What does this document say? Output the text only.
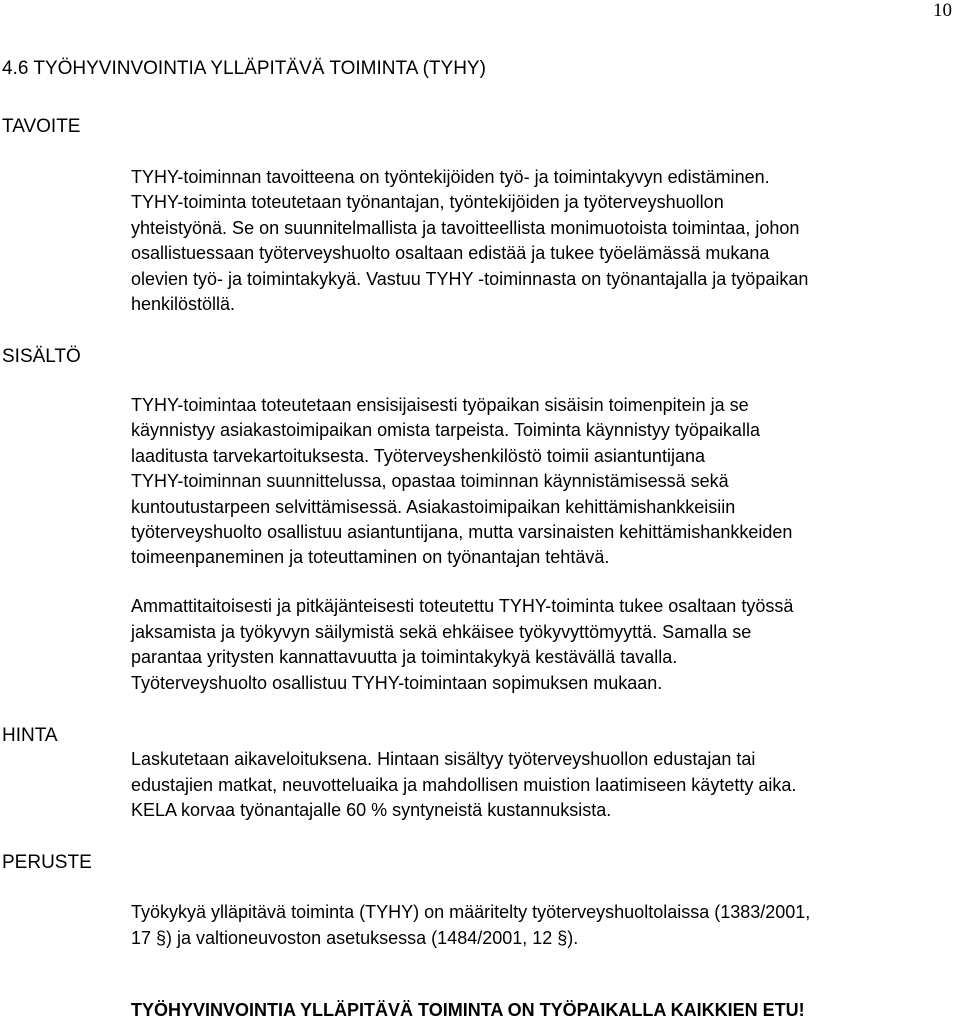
10
4.6 TYÖHYVINVOINTIA YLLÄPITÄVÄ TOIMINTA (TYHY)
TAVOITE
TYHY-toiminnan tavoitteena on työntekijöiden työ- ja toimintakyvyn edistäminen.
TYHY-toiminta toteutetaan työnantajan, työntekijöiden ja työterveyshuollon
yhteistyönä. Se on suunnitelmallista ja tavoitteellista monimuotoista toimintaa, johon
osallistuessaan työterveyshuolto osaltaan edistää ja tukee työelämässä mukana
olevien työ- ja toimintakykyä. Vastuu TYHY -toiminnasta on työnantajalla ja työpaikan
henkilöstöllä.
SISÄLTÖ
TYHY-toimintaa toteutetaan ensisijaisesti työpaikan sisäisin toimenpitein ja se
käynnistyy asiakastoimipaikan omista tarpeista. Toiminta käynnistyy työpaikalla
laaditusta tarvekartoituksesta. Työterveyshenkilöstö toimii asiantuntijana
TYHY-toiminnan suunnittelussa, opastaa toiminnan käynnistämisessä sekä
kuntoutustarpeen selvittämisessä. Asiakastoimipaikan kehittämishankkeisiin
työterveyshuolto osallistuu asiantuntijana, mutta varsinaisten kehittämishankkeiden
toimeenpaneminen ja toteuttaminen on työnantajan tehtävä.
Ammattitaitoisesti ja pitkäjänteisesti toteutettu TYHY-toiminta tukee osaltaan työssä
jaksamista ja työkyvyn säilymistä sekä ehkäisee työkyvyttömyyttä. Samalla se
parantaa yritysten kannattavuutta ja toimintakykyä kestävällä tavalla.
Työterveyshuolto osallistuu TYHY-toimintaan sopimuksen mukaan.
HINTA
Laskutetaan aikaveloituksena. Hintaan sisältyy työterveyshuollon edustajan tai
edustajien matkat, neuvotteluaika ja mahdollisen muistion laatimiseen käytetty aika.
KELA korvaa työnantajalle 60 % syntyneistä kustannuksista.
PERUSTE
Työkykyä ylläpitävä toiminta (TYHY) on määritelty työterveyshuoltolaissa (1383/2001,
17 §) ja valtioneuvoston asetuksessa (1484/2001, 12 §).
TYÖHYVINVOINTIA YLLÄPITÄVÄ TOIMINTA ON TYÖPAIKALLA KAIKKIEN ETU!
